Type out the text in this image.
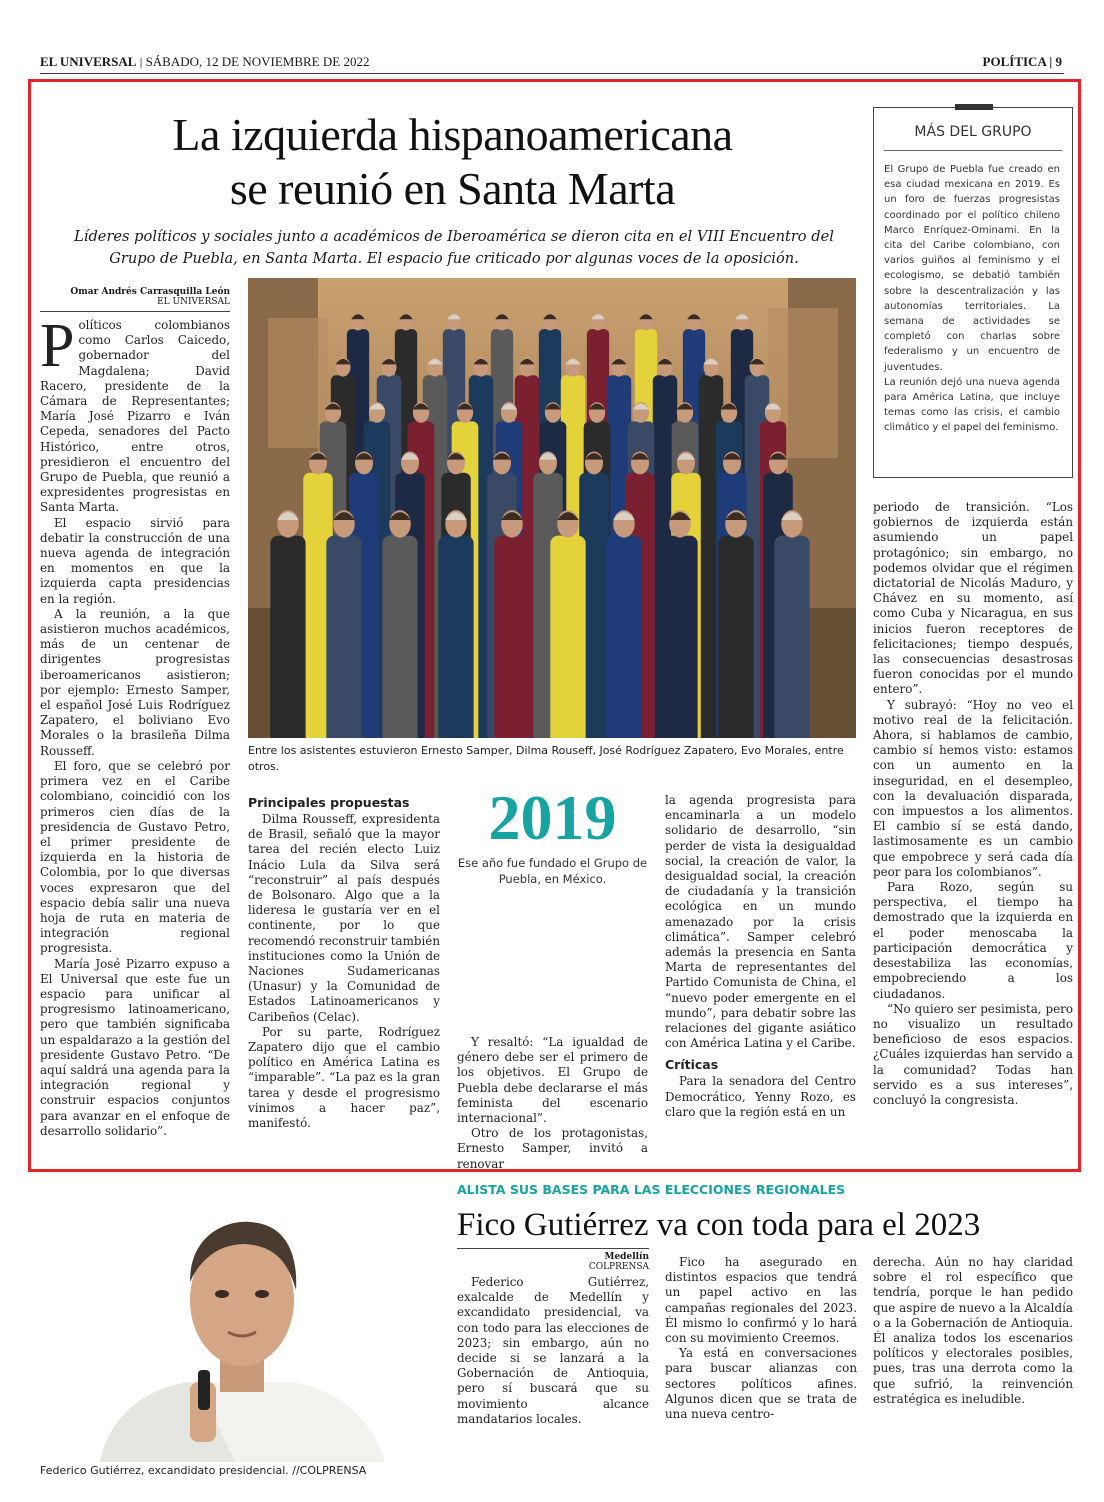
EL UNIVERSAL | SÁBADO, 12 DE NOVIEMBRE DE 2022	POLÍTICA | 9
La izquierda hispanoamericana
se reunió en Santa Marta
Líderes políticos y sociales junto a académicos de Iberoamérica se dieron cita en el VIII Encuentro del Grupo de Puebla, en Santa Marta. El espacio fue criticado por algunas voces de la oposición.
MÁS DEL GRUPO

El Grupo de Puebla fue creado en esa ciudad mexicana en 2019. Es un foro de fuerzas progresistas coordinado por el político chileno Marco Enríquez-Ominami. En la cita del Caribe colombiano, con varios guiños al feminismo y el ecologismo, se debatió también sobre la descentralización y las autonomías territoriales. La semana de actividades se completó con charlas sobre federalismo y un encuentro de juventudes.

La reunión dejó una nueva agenda para América Latina, que incluye temas como las crisis, el cambio climático y el papel del feminismo.

Omar Andrés Carrasquilla León
EL UNIVERSAL

Políticos colombianos como Carlos Caicedo, gobernador del Magdalena; David Racero, presidente de la Cámara de Representantes; María José Pizarro e Iván Cepeda, senadores del Pacto Histórico, entre otros, presidieron el encuentro del Grupo de Puebla, que reunió a expresidentes progresistas en Santa Marta.

El espacio sirvió para debatir la construcción de una nueva agenda de integración en momentos en que la izquierda capta presidencias en la región.

A la reunión, a la que asistieron muchos académicos, más de un centenar de dirigentes progresistas iberoamericanos asistieron; por ejemplo: Ernesto Samper, el español José Luis Rodríguez Zapatero, el boliviano Evo Morales o la brasileña Dilma Rousseff.

El foro, que se celebró por primera vez en el Caribe colombiano, coincidió con los primeros cien días de la presidencia de Gustavo Petro, el primer presidente de izquierda en la historia de Colombia, por lo que diversas voces expresaron que del espacio debía salir una nueva hoja de ruta en materia de integración regional progresista.

María José Pizarro expuso a El Universal que este fue un espacio para unificar al progresismo latinoamericano, pero que también significaba un espaldarazo a la gestión del presidente Gustavo Petro. “De aquí saldrá una agenda para la integración regional y construir espacios conjuntos para avanzar en el enfoque de desarrollo solidario”.

Entre los asistentes estuvieron Ernesto Samper, Dilma Rouseff, José Rodríguez Zapatero, Evo Morales, entre otros.
Principales propuestas

Dilma Rousseff, expresidenta de Brasil, señaló que la mayor tarea del recién electo Luiz Inácio Lula da Silva será “reconstruir” al país después de Bolsonaro. Algo que a la lideresa le gustaría ver en el continente, por lo que recomendó reconstruir también instituciones como la Unión de Naciones Sudamericanas (Unasur) y la Comunidad de Estados Latinoamericanos y Caribeños (Celac).

Por su parte, Rodríguez Zapatero dijo que el cambio político en América Latina es “imparable”. “La paz es la gran tarea y desde el progresismo vinimos a hacer paz”, manifestó.

2019
Ese año fue fundado el Grupo de Puebla, en México.

Y resaltó: “La igualdad de género debe ser el primero de los objetivos. El Grupo de Puebla debe declararse el más feminista del escenario internacional”.

Otro de los protagonistas, Ernesto Samper, invitó a renovar

la agenda progresista para encaminarla a un modelo solidario de desarrollo, “sin perder de vista la desigualdad social, la creación de valor, la desigualdad social, la creación de ciudadanía y la transición ecológica en un mundo amenazado por la crisis climática”. Samper celebró además la presencia en Santa Marta de representantes del Partido Comunista de China, el “nuevo poder emergente en el mundo”, para debatir sobre las relaciones del gigante asiático con América Latina y el Caribe.

Críticas

Para la senadora del Centro Democrático, Yenny Rozo, es claro que la región está en un

periodo de transición. “Los gobiernos de izquierda están asumiendo un papel protagónico; sin embargo, no podemos olvidar que el régimen dictatorial de Nicolás Maduro, y Chávez en su momento, así como Cuba y Nicaragua, en sus inicios fueron receptores de felicitaciones; tiempo después, las consecuencias desastrosas fueron conocidas por el mundo entero”.

Y subrayó: “Hoy no veo el motivo real de la felicitación. Ahora, si hablamos de cambio, cambio sí hemos visto: estamos con un aumento en la inseguridad, en el desempleo, con la devaluación disparada, con impuestos a los alimentos. El cambio sí se está dando, lastimosamente es un cambio que empobrece y será cada día peor para los colombianos”.

Para Rozo, según su perspectiva, el tiempo ha demostrado que la izquierda en el poder menoscaba la participación democrática y desestabiliza las economías, empobreciendo a los ciudadanos.

“No quiero ser pesimista, pero no visualizo un resultado beneficioso de esos espacios. ¿Cuáles izquierdas han servido a la comunidad? Todas han servido es a sus intereses”, concluyó la congresista.

ALISTA SUS BASES PARA LAS ELECCIONES REGIONALES
Fico Gutiérrez va con toda para el 2023
Medellín
COLPRENSA

Federico Gutiérrez, exalcalde de Medellín y excandidato presidencial, va con todo para las elecciones de 2023; sin embargo, aún no decide si se lanzará a la Gobernación de Antioquia, pero sí buscará que su movimiento alcance mandatarios locales.

Fico ha asegurado en distintos espacios que tendrá un papel activo en las campañas regionales del 2023. Él mismo lo confirmó y lo hará con su movimiento Creemos.

Ya está en conversaciones para buscar alianzas con sectores políticos afines. Algunos dicen que se trata de una nueva centro-

derecha. Aún no hay claridad sobre el rol específico que tendría, porque le han pedido que aspire de nuevo a la Alcaldía o a la Gobernación de Antioquia. Él analiza todos los escenarios políticos y electorales posibles, pues, tras una derrota como la que sufrió, la reinvención estratégica es ineludible.

Federico Gutiérrez, excandidato presidencial. //COLPRENSA
